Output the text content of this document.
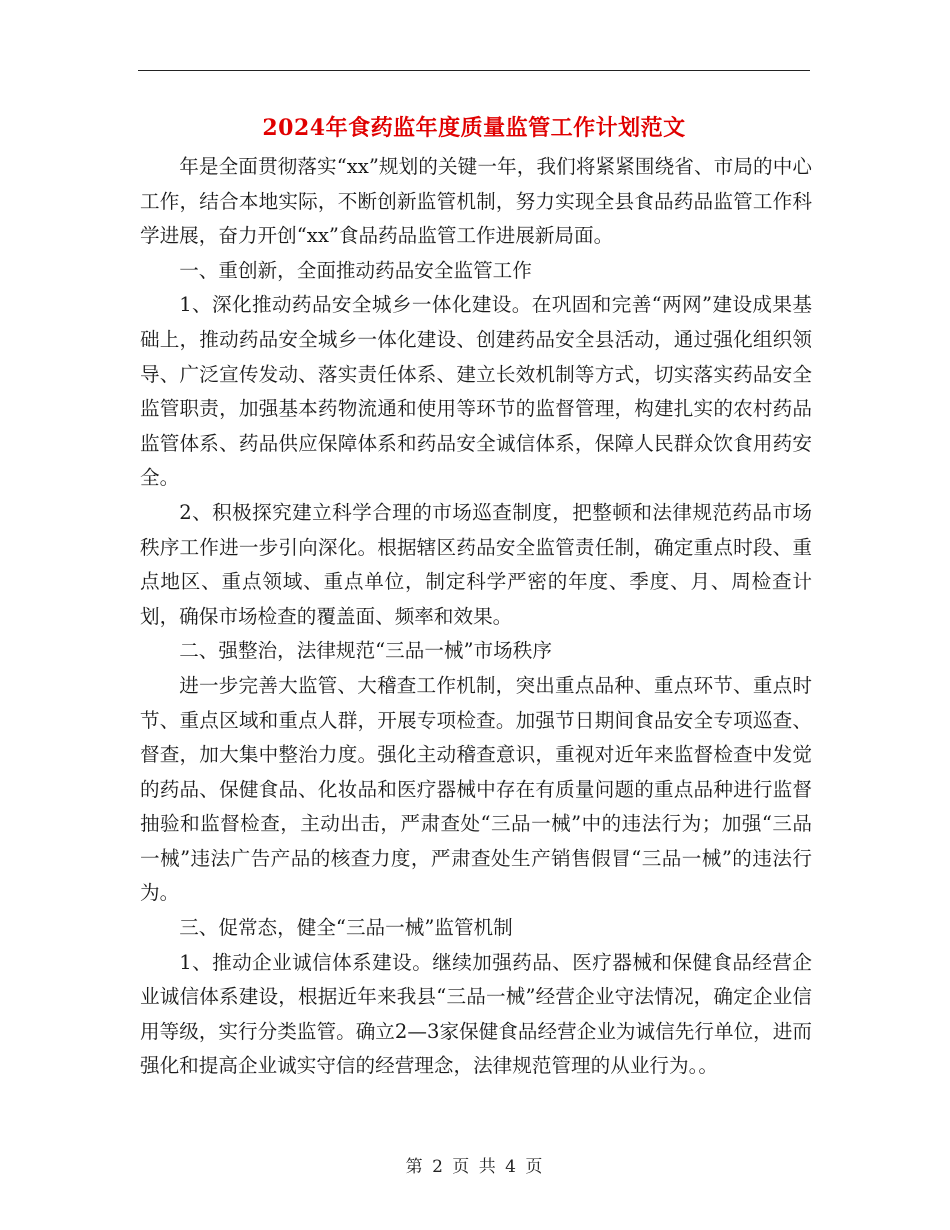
2024年食药监年度质量监管工作计划范文

年是全面贯彻落实“xx”规划的关键一年，我们将紧紧围绕省、市局的中心工作，结合本地实际，不断创新监管机制，努力实现全县食品药品监管工作科学进展，奋力开创“xx”食品药品监管工作进展新局面。

一、重创新，全面推动药品安全监管工作

1、深化推动药品安全城乡一体化建设。在巩固和完善“两网”建设成果基础上，推动药品安全城乡一体化建设、创建药品安全县活动，通过强化组织领导、广泛宣传发动、落实责任体系、建立长效机制等方式，切实落实药品安全监管职责，加强基本药物流通和使用等环节的监督管理，构建扎实的农村药品监管体系、药品供应保障体系和药品安全诚信体系，保障人民群众饮食用药安全。

2、积极探究建立科学合理的市场巡查制度，把整顿和法律规范药品市场秩序工作进一步引向深化。根据辖区药品安全监管责任制，确定重点时段、重点地区、重点领域、重点单位，制定科学严密的年度、季度、月、周检查计划，确保市场检查的覆盖面、频率和效果。

二、强整治，法律规范“三品一械”市场秩序

进一步完善大监管、大稽查工作机制，突出重点品种、重点环节、重点时节、重点区域和重点人群，开展专项检查。加强节日期间食品安全专项巡查、督查，加大集中整治力度。强化主动稽查意识，重视对近年来监督检查中发觉的药品、保健食品、化妆品和医疗器械中存在有质量问题的重点品种进行监督抽验和监督检查，主动出击，严肃查处“三品一械”中的违法行为；加强“三品一械”违法广告产品的核查力度，严肃查处生产销售假冒“三品一械”的违法行为。

三、促常态，健全“三品一械”监管机制

1、推动企业诚信体系建设。继续加强药品、医疗器械和保健食品经营企业诚信体系建设，根据近年来我县“三品一械”经营企业守法情况，确定企业信用等级，实行分类监管。确立2—3家保健食品经营企业为诚信先行单位，进而强化和提高企业诚实守信的经营理念，法律规范管理的从业行为。。

第 2 页 共 4 页
